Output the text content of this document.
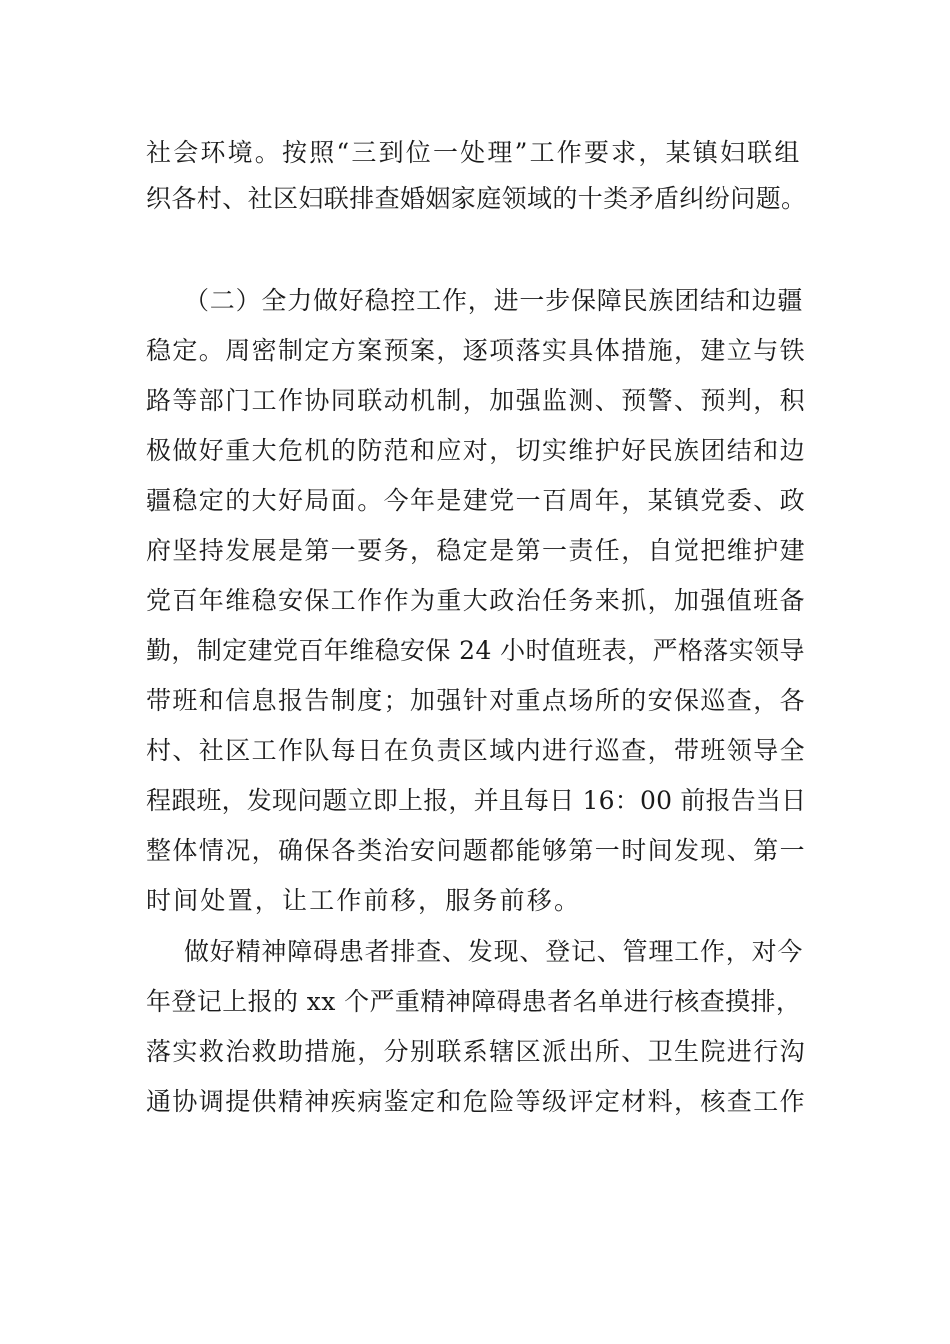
社会环境。按照“三到位一处理”工作要求，某镇妇联组
织各村、社区妇联排查婚姻家庭领域的十类矛盾纠纷问题。
（二）全力做好稳控工作，进一步保障民族团结和边疆
稳定。周密制定方案预案，逐项落实具体措施，建立与铁
路等部门工作协同联动机制，加强监测、预警、预判，积
极做好重大危机的防范和应对，切实维护好民族团结和边
疆稳定的大好局面。今年是建党一百周年，某镇党委、政
府坚持发展是第一要务，稳定是第一责任，自觉把维护建
党百年维稳安保工作作为重大政治任务来抓，加强值班备
勤，制定建党百年维稳安保 24 小时值班表，严格落实领导
带班和信息报告制度；加强针对重点场所的安保巡查，各
村、社区工作队每日在负责区域内进行巡查，带班领导全
程跟班，发现问题立即上报，并且每日 16：00 前报告当日
整体情况，确保各类治安问题都能够第一时间发现、第一
时间处置，让工作前移，服务前移。
做好精神障碍患者排查、发现、登记、管理工作，对今
年登记上报的 xx 个严重精神障碍患者名单进行核查摸排，
落实救治救助措施，分别联系辖区派出所、卫生院进行沟
通协调提供精神疾病鉴定和危险等级评定材料，核查工作
